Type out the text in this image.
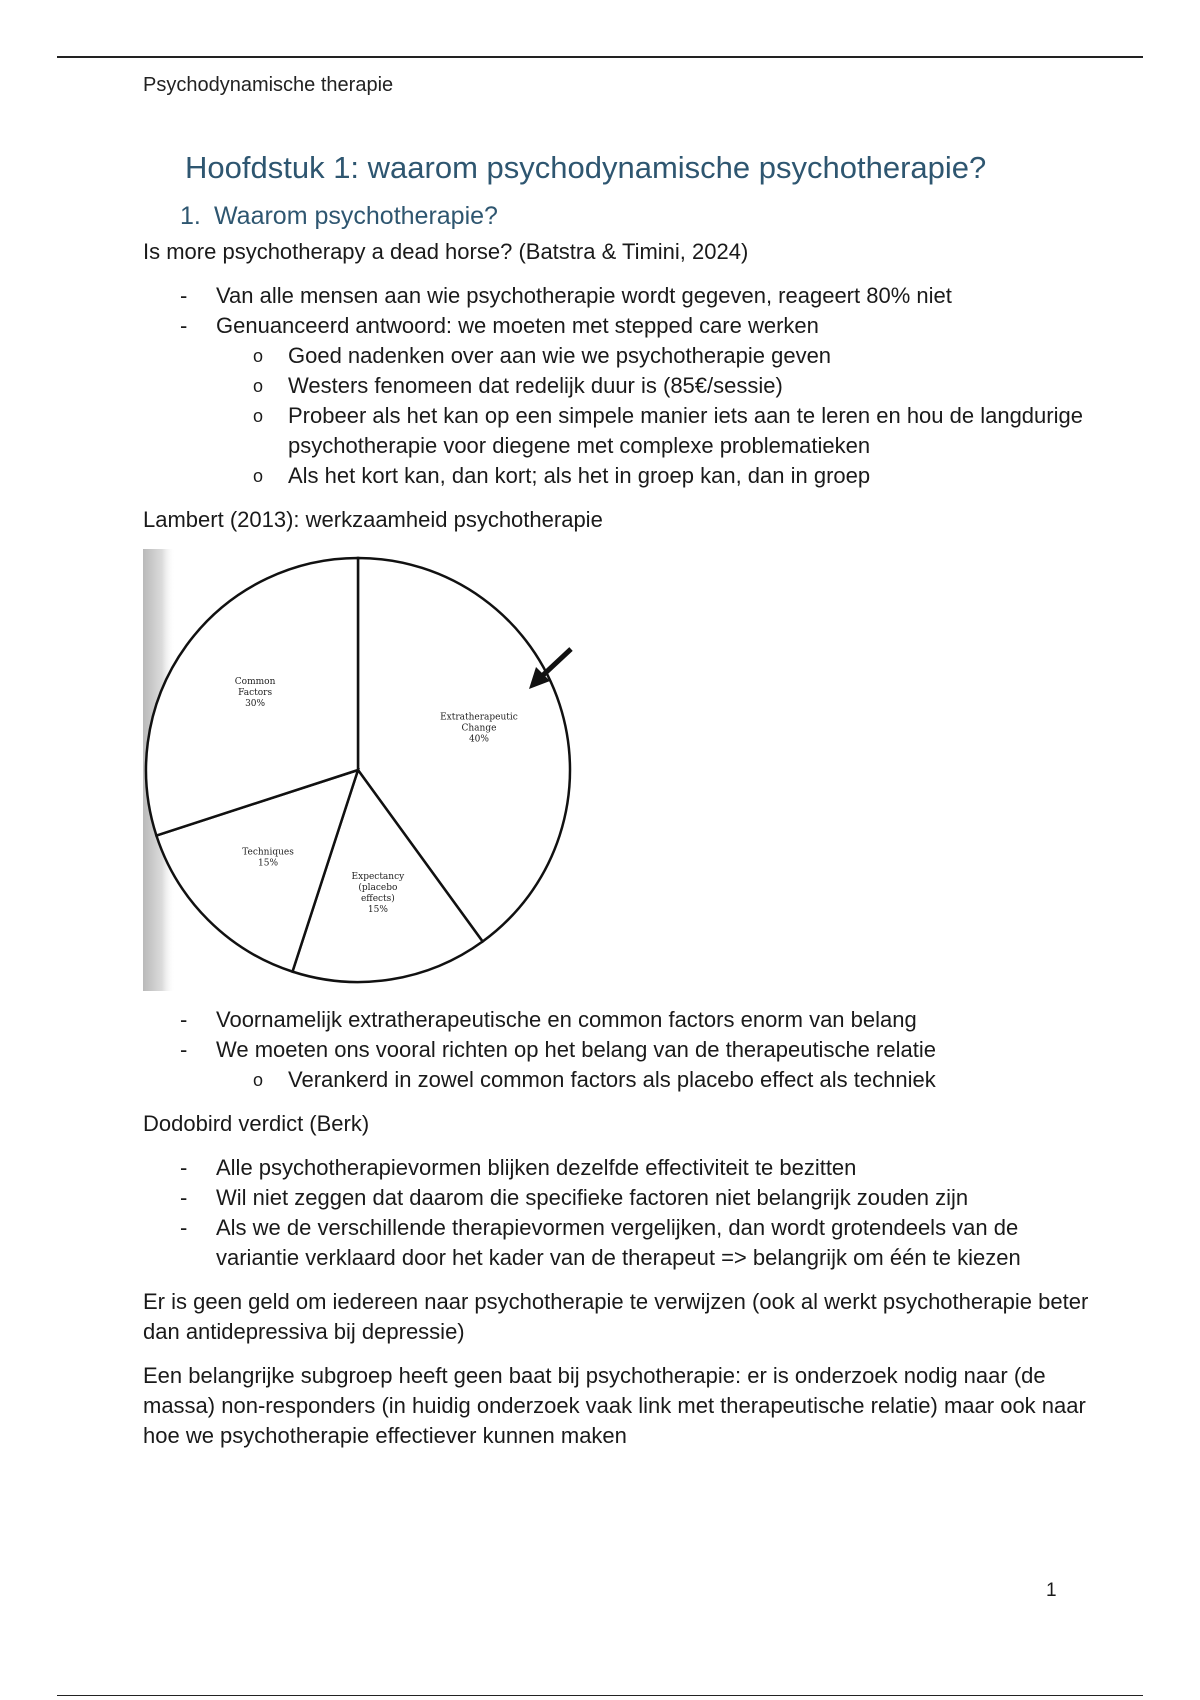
Psychodynamische therapie

Hoofdstuk 1: waarom psychodynamische psychotherapie?
1. Waarom psychotherapie?

Is more psychotherapy a dead horse? (Batstra & Timini, 2024)

- Van alle mensen aan wie psychotherapie wordt gegeven, reageert 80% niet
- Genuanceerd antwoord: we moeten met stepped care werken
o Goed nadenken over aan wie we psychotherapie geven
o Westers fenomeen dat redelijk duur is (85€/sessie)
o Probeer als het kan op een simpele manier iets aan te leren en hou de langdurige psychotherapie voor diegene met complexe problematieken
o Als het kort kan, dan kort; als het in groep kan, dan in groep

Lambert (2013): werkzaamheid psychotherapie

Extratherapeutic Change 40%
Expectancy (placebo effects) 15%
Techniques 15%
Common Factors 30%
- Voornamelijk extratherapeutische en common factors enorm van belang
- We moeten ons vooral richten op het belang van de therapeutische relatie
o Verankerd in zowel common factors als placebo effect als techniek

Dodobird verdict (Berk)

- Alle psychotherapievormen blijken dezelfde effectiviteit te bezitten
- Wil niet zeggen dat daarom die specifieke factoren niet belangrijk zouden zijn
- Als we de verschillende therapievormen vergelijken, dan wordt grotendeels van de variantie verklaard door het kader van de therapeut => belangrijk om één te kiezen

Er is geen geld om iedereen naar psychotherapie te verwijzen (ook al werkt psychotherapie beter dan antidepressiva bij depressie)

Een belangrijke subgroep heeft geen baat bij psychotherapie: er is onderzoek nodig naar (de massa) non-responders (in huidig onderzoek vaak link met therapeutische relatie) maar ook naar hoe we psychotherapie effectiever kunnen maken

1
